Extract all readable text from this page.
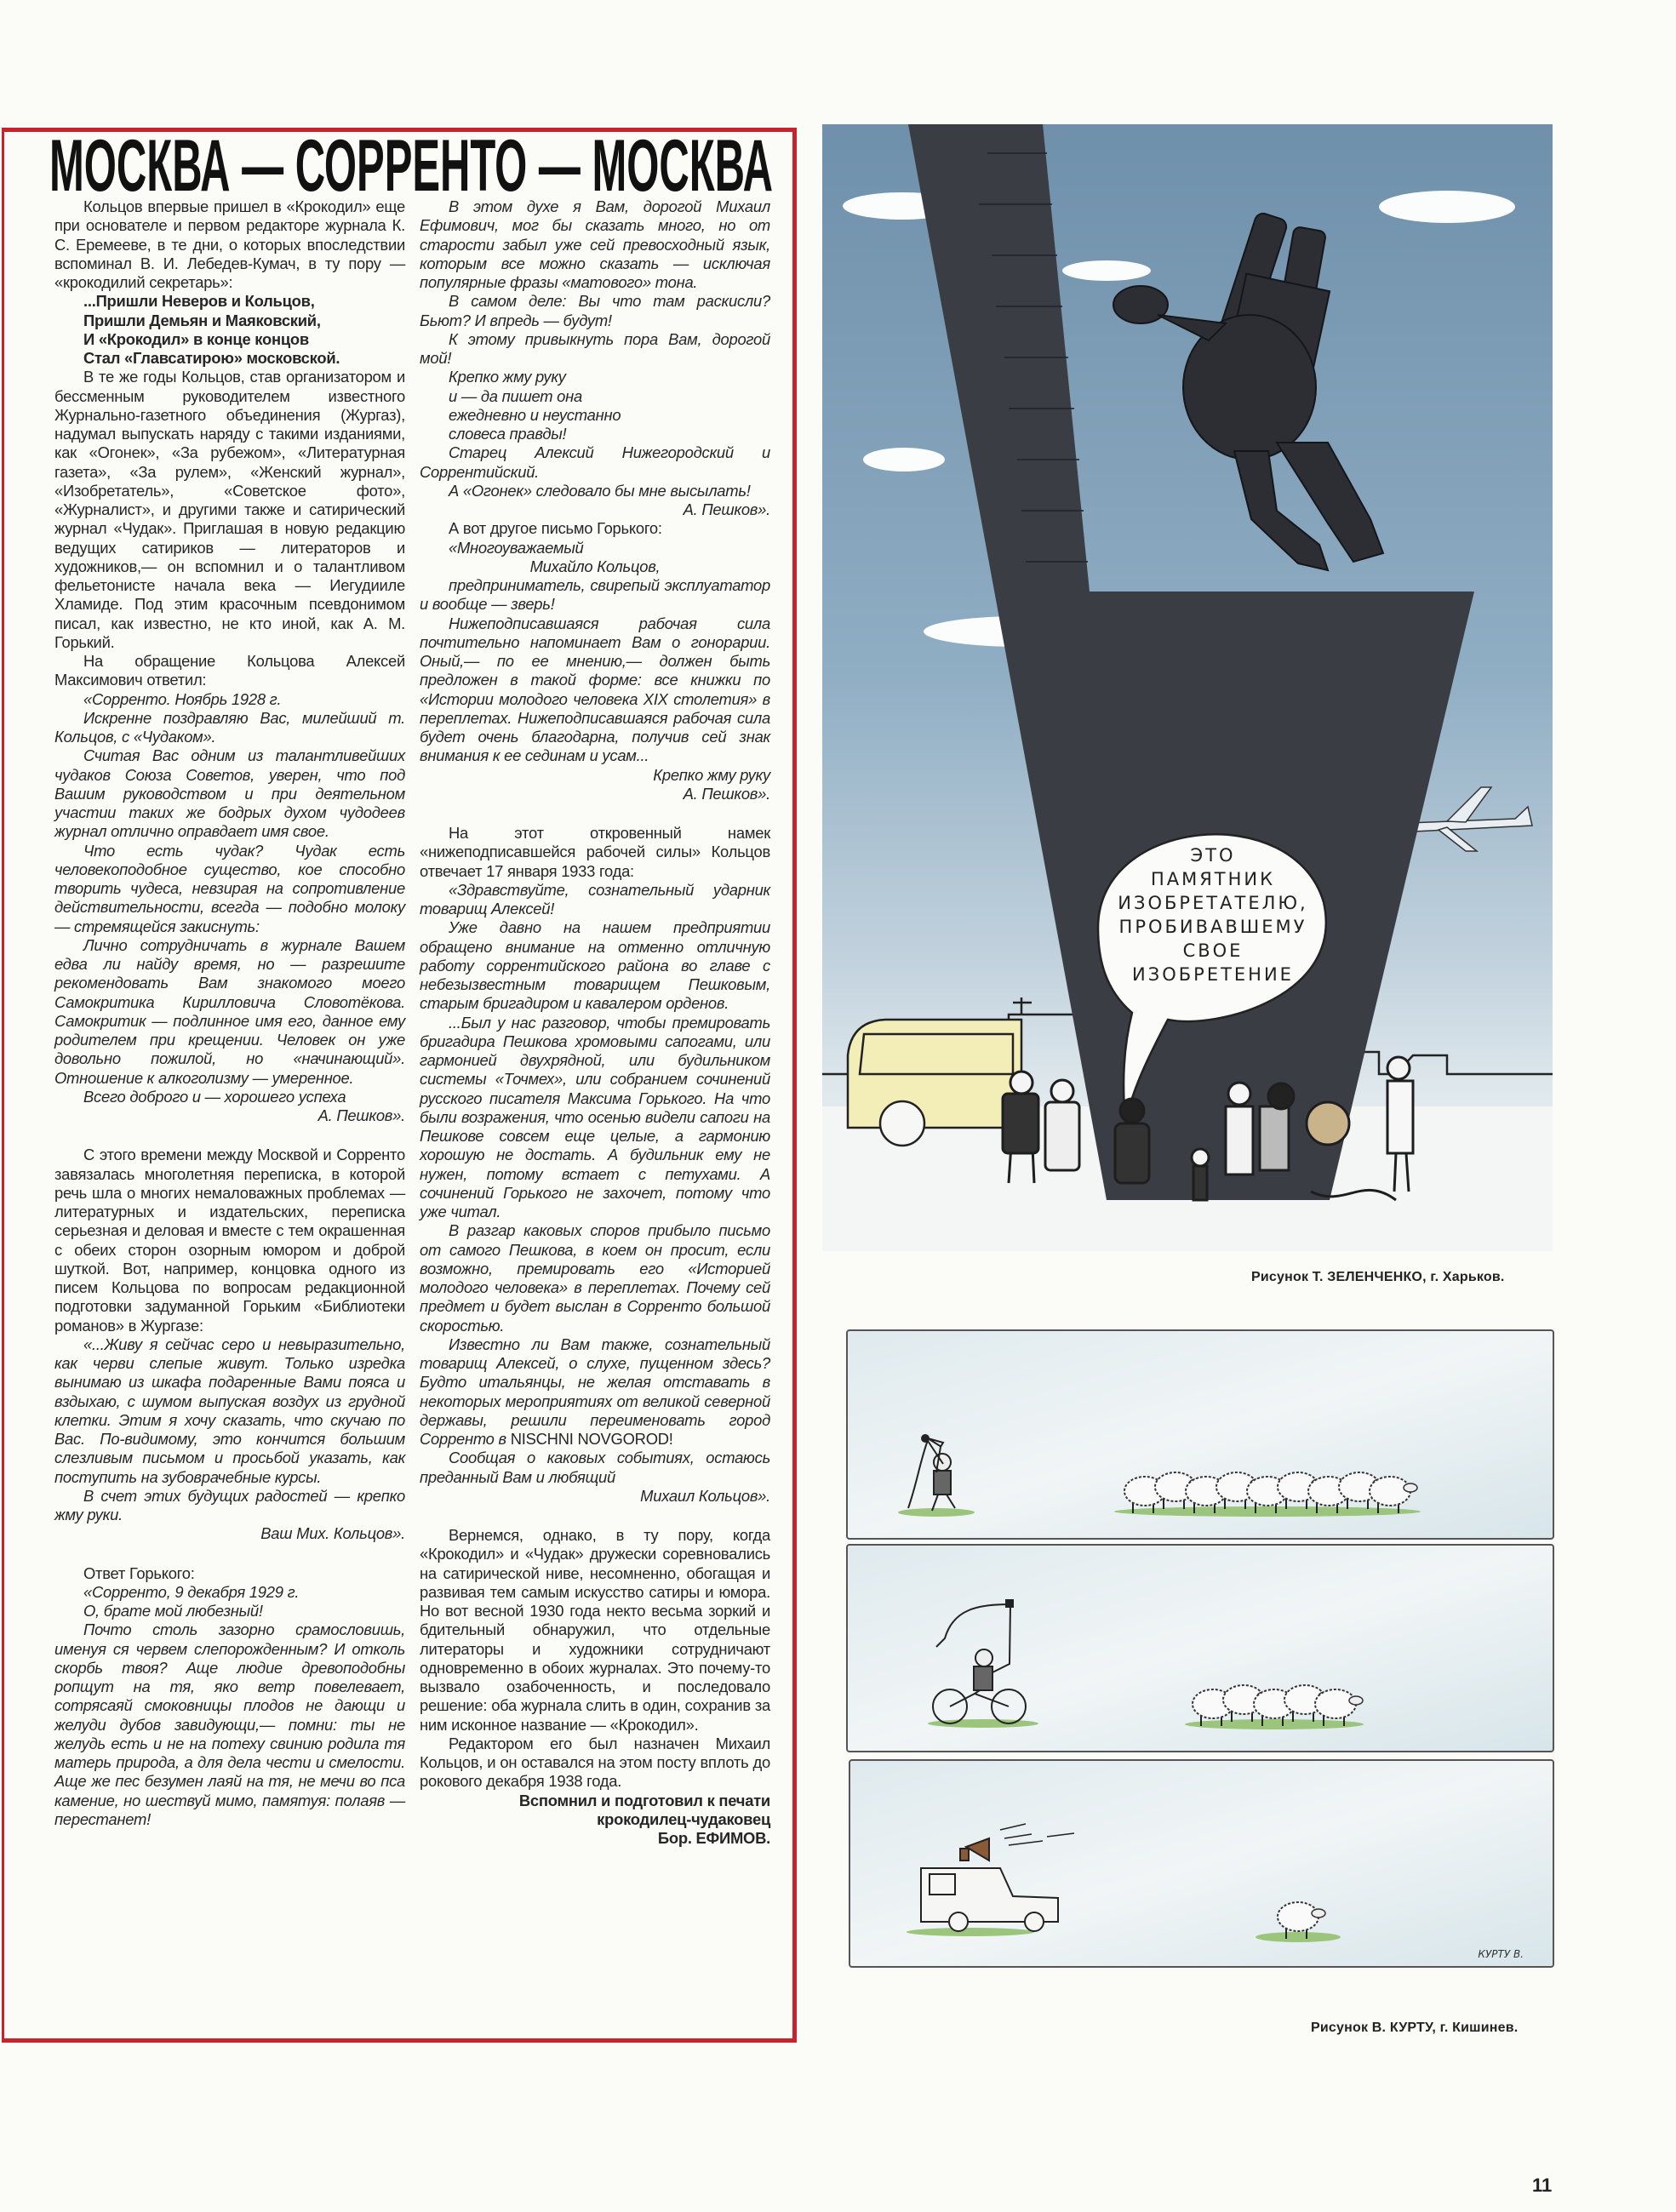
ЭТО
ПАМЯТНИК
ИЗОБРЕТАТЕЛЮ,
ПРОБИВАВШЕМУ
СВОЕ
ИЗОБРЕТЕНИЕ
КУРТУ В.
МОСКВА — СОРРЕНТО — МОСКВА

Кольцов впервые пришел в «Крокодил» еще при основателе и первом редакторе журнала К. С. Еремееве, в те дни, о которых впоследствии вспоминал В. И. Лебедев-Кумач, в ту пору — «крокодилий секретарь»:

...Пришли Неверов и Кольцов,

Пришли Демьян и Маяковский,

И «Крокодил» в конце концов

Стал «Главсатирою» московской.

В те же годы Кольцов, став организатором и бессменным руководителем известного Журнально-газетного объединения (Жургаз), надумал выпускать наряду с такими изданиями, как «Огонек», «За рубежом», «Литературная газета», «За рулем», «Женский журнал», «Изобретатель», «Советское фото», «Журналист», и другими также и сатирический журнал «Чудак». Приглашая в новую редакцию ведущих сатириков — литераторов и художников,— он вспомнил и о талантливом фельетонисте начала века — Иегудииле Хламиде. Под этим красочным псевдонимом писал, как известно, не кто иной, как А. М. Горький.

На обращение Кольцова Алексей Максимович ответил:

«Сорренто. Ноябрь 1928 г.

Искренне поздравляю Вас, милейший т. Кольцов, с «Чудаком».

Считая Вас одним из талантливейших чудаков Союза Советов, уверен, что под Вашим руководством и при деятельном участии таких же бодрых духом чудодеев журнал отлично оправдает имя свое.

Что есть чудак? Чудак есть человекоподобное существо, кое способно творить чудеса, невзирая на сопротивление действительности, всегда — подобно молоку — стремящейся закиснуть:

Лично сотрудничать в журнале Вашем едва ли найду время, но — разрешите рекомендовать Вам знакомого моего Самокритика Кирилловича Словотёкова. Самокритик — подлинное имя его, данное ему родителем при крещении. Человек он уже довольно пожилой, но «начинающий». Отношение к алкоголизму — умеренное.

Всего доброго и — хорошего успеха

А. Пешков».

С этого времени между Москвой и Сорренто завязалась многолетняя переписка, в которой речь шла о многих немаловажных проблемах — литературных и издательских, переписка серьезная и деловая и вместе с тем окрашенная с обеих сторон озорным юмором и доброй шуткой. Вот, например, концовка одного из писем Кольцова по вопросам редакционной подготовки задуманной Горьким «Библиотеки романов» в Жургазе:

«...Живу я сейчас серо и невыразительно, как черви слепые живут. Только изредка вынимаю из шкафа подаренные Вами пояса и вздыхаю, с шумом выпуская воздух из грудной клетки. Этим я хочу сказать, что скучаю по Вас. По-видимому, это кончится большим слезливым письмом и просьбой указать, как поступить на зубоврачебные курсы.

В счет этих будущих радостей — крепко жму руки.

Ваш Мих. Кольцов».

Ответ Горького:

«Сорренто, 9 декабря 1929 г.

О, брате мой любезный!

Почто столь зазорно срамословишь, именуя ся червем слепорожденным? И отколь скорбь твоя? Аще людие древоподобны ропщут на тя, яко ветр повелевает, сотрясаяй смоковницы плодов не дающи и желуди дубов завидующи,— помни: ты не желудь есть и не на потеху свинию родила тя матерь природа, а для дела чести и смелости. Аще же пес безумен лаяй на тя, не мечи во пса камение, но шествуй мимо, памятуя: полаяв — перестанет!

В этом духе я Вам, дорогой Михаил Ефимович, мог бы сказать много, но от старости забыл уже сей превосходный язык, которым все можно сказать — исключая популярные фразы «матового» тона.

В самом деле: Вы что там раскисли? Бьют? И впредь — будут!

К этому привыкнуть пора Вам, дорогой мой!

Крепко жму руку

и — да пишет она

ежедневно и неустанно

словеса правды!

Старец Алексий Нижегородский и Соррентийский.

А «Огонек» следовало бы мне высылать!

А. Пешков».

А вот другое письмо Горького:

«Многоуважаемый

Михайло Кольцов,

предприниматель, свирепый эксплуататор и вообще — зверь!

Нижеподписавшаяся рабочая сила почтительно напоминает Вам о гонорарии. Оный,— по ее мнению,— должен быть предложен в такой форме: все книжки по «Истории молодого человека XIX столетия» в переплетах. Нижеподписавшаяся рабочая сила будет очень благодарна, получив сей знак внимания к ее сединам и усам...

Крепко жму руку

А. Пешков».

На этот откровенный намек «нижеподписавшейся рабочей силы» Кольцов отвечает 17 января 1933 года:

«Здравствуйте, сознательный ударник товарищ Алексей!

Уже давно на нашем предприятии обращено внимание на отменно отличную работу соррентийского района во главе с небезызвестным товарищем Пешковым, старым бригадиром и кавалером орденов.

...Был у нас разговор, чтобы премировать бригадира Пешкова хромовыми сапогами, или гармонией двухрядной, или будильником системы «Точмех», или собранием сочинений русского писателя Максима Горького. На что были возражения, что осенью видели сапоги на Пешкове совсем еще целые, а гармонию хорошую не достать. А будильник ему не нужен, потому встает с петухами. А сочинений Горького не захочет, потому что уже читал.

В разгар каковых споров прибыло письмо от самого Пешкова, в коем он просит, если возможно, премировать его «Историей молодого человека» в переплетах. Почему сей предмет и будет выслан в Сорренто большой скоростью.

Известно ли Вам также, сознательный товарищ Алексей, о слухе, пущенном здесь? Будто итальянцы, не желая отставать в некоторых мероприятиях от великой северной державы, решили переименовать город Сорренто в NISCHNI NOVGOROD!

Сообщая о каковых событиях, остаюсь преданный Вам и любящий

Михаил Кольцов».

Вернемся, однако, в ту пору, когда «Крокодил» и «Чудак» дружески соревновались на сатирической ниве, несомненно, обогащая и развивая тем самым искусство сатиры и юмора. Но вот весной 1930 года некто весьма зоркий и бдительный обнаружил, что отдельные литераторы и художники сотрудничают одновременно в обоих журналах. Это почему-то вызвало озабоченность, и последовало решение: оба журнала слить в один, сохранив за ним исконное название — «Крокодил».

Редактором его был назначен Михаил Кольцов, и он оставался на этом посту вплоть до рокового декабря 1938 года.

Вспомнил и подготовил к печати

крокодилец-чудаковец

Бор. ЕФИМОВ.

Рисунок Т. ЗЕЛЕНЧЕНКО, г. Харьков.
Рисунок В. КУРТУ, г. Кишинев.
11
